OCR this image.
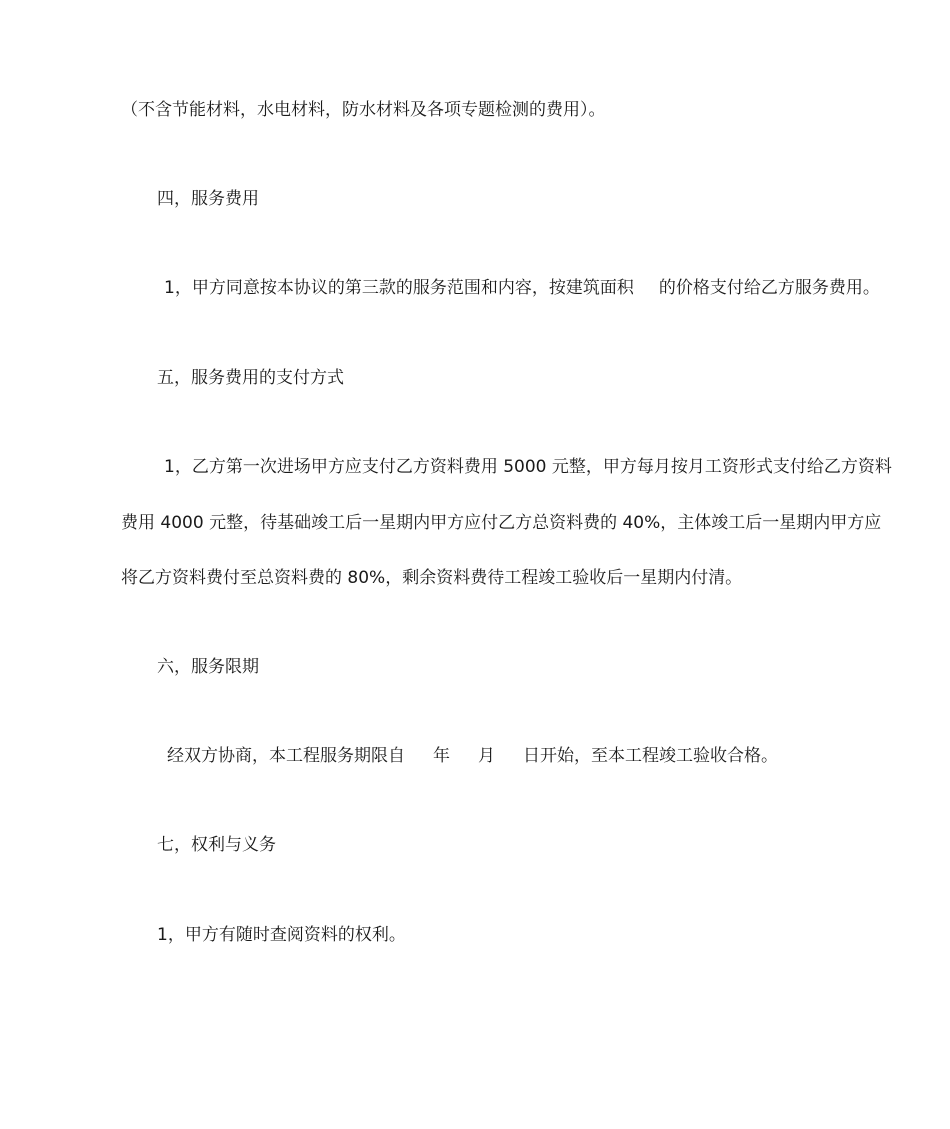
（不含节能材料，水电材料，防水材料及各项专题检测的费用）。
四，服务费用
1，甲方同意按本协议的第三款的服务范围和内容，按建筑面积 的价格支付给乙方服务费用。
五，服务费用的支付方式
1，乙方第一次进场甲方应支付乙方资料费用 5000 元整，甲方每月按月工资形式支付给乙方资料
费用 4000 元整，待基础竣工后一星期内甲方应付乙方总资料费的 40%，主体竣工后一星期内甲方应
将乙方资料费付至总资料费的 80%，剩余资料费待工程竣工验收后一星期内付清。
六，服务限期
经双方协商，本工程服务期限自 年 月 日开始，至本工程竣工验收合格。
七，权利与义务
1，甲方有随时查阅资料的权利。
